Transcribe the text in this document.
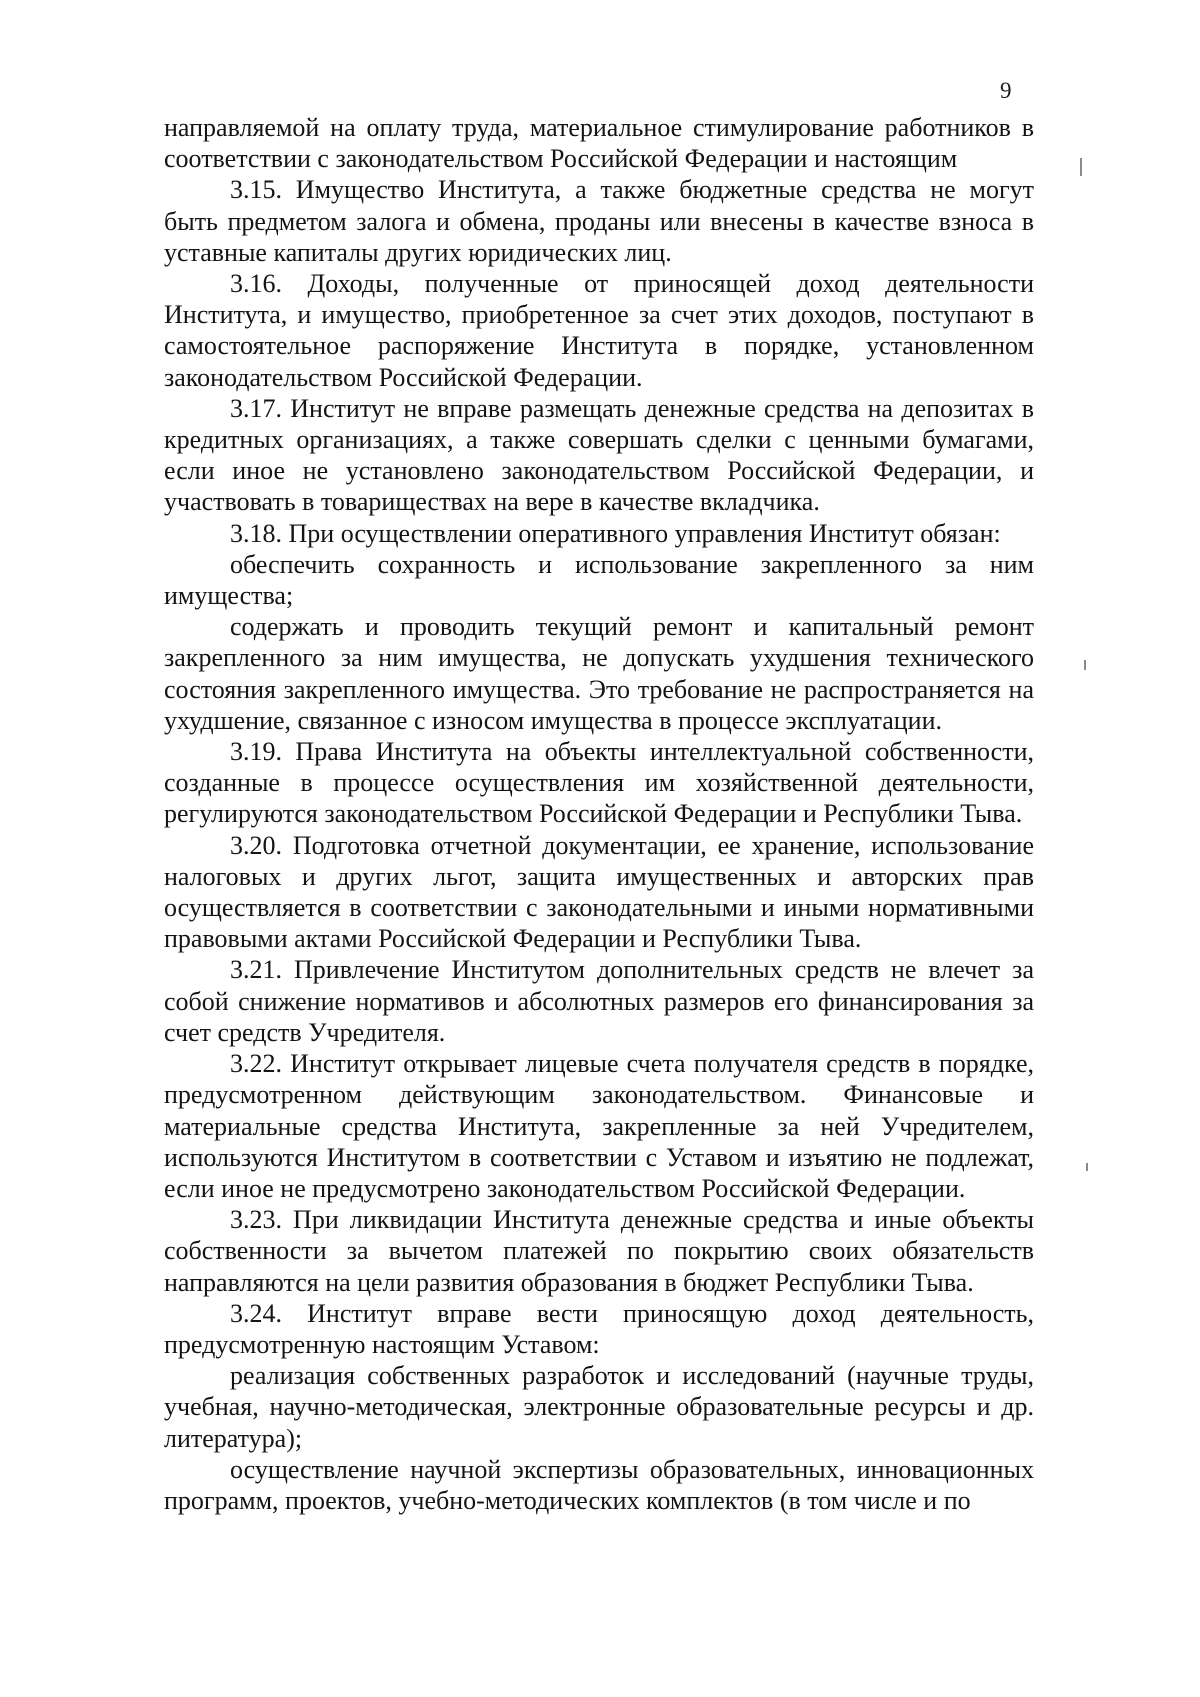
9

направляемой на оплату труда, материальное стимулирование работников в соответствии с законодательством Российской Федерации и настоящим

3.15. Имущество Института, а также бюджетные средства не могут быть предметом залога и обмена, проданы или внесены в качестве взноса в уставные капиталы других юридических лиц.

3.16. Доходы, полученные от приносящей доход деятельности Института, и имущество, приобретенное за счет этих доходов, поступают в самостоятельное распоряжение Института в порядке, установленном законодательством Российской Федерации.

3.17. Институт не вправе размещать денежные средства на депозитах в кредитных организациях, а также совершать сделки с ценными бумагами, если иное не установлено законодательством Российской Федерации, и участвовать в товариществах на вере в качестве вкладчика.

3.18. При осуществлении оперативного управления Институт обязан:

обеспечить сохранность и использование закрепленного за ним имущества;

содержать и проводить текущий ремонт и капитальный ремонт закрепленного за ним имущества, не допускать ухудшения технического состояния закрепленного имущества. Это требование не распространяется на ухудшение, связанное с износом имущества в процессе эксплуатации.

3.19. Права Института на объекты интеллектуальной собственности, созданные в процессе осуществления им хозяйственной деятельности, регулируются законодательством Российской Федерации и Республики Тыва.

3.20. Подготовка отчетной документации, ее хранение, использование налоговых и других льгот, защита имущественных и авторских прав осуществляется в соответствии с законодательными и иными нормативными правовыми актами Российской Федерации и Республики Тыва.

3.21. Привлечение Институтом дополнительных средств не влечет за собой снижение нормативов и абсолютных размеров его финансирования за счет средств Учредителя.

3.22. Институт открывает лицевые счета получателя средств в порядке, предусмотренном действующим законодательством. Финансовые и материальные средства Института, закрепленные за ней Учредителем, используются Институтом в соответствии с Уставом и изъятию не подлежат, если иное не предусмотрено законодательством Российской Федерации.

3.23. При ликвидации Института денежные средства и иные объекты собственности за вычетом платежей по покрытию своих обязательств направляются на цели развития образования в бюджет Республики Тыва.

3.24. Институт вправе вести приносящую доход деятельность, предусмотренную настоящим Уставом:

реализация собственных разработок и исследований (научные труды, учебная, научно-методическая, электронные образовательные ресурсы и др. литература);

осуществление научной экспертизы образовательных, инновационных программ, проектов, учебно-методических комплектов (в том числе и по
